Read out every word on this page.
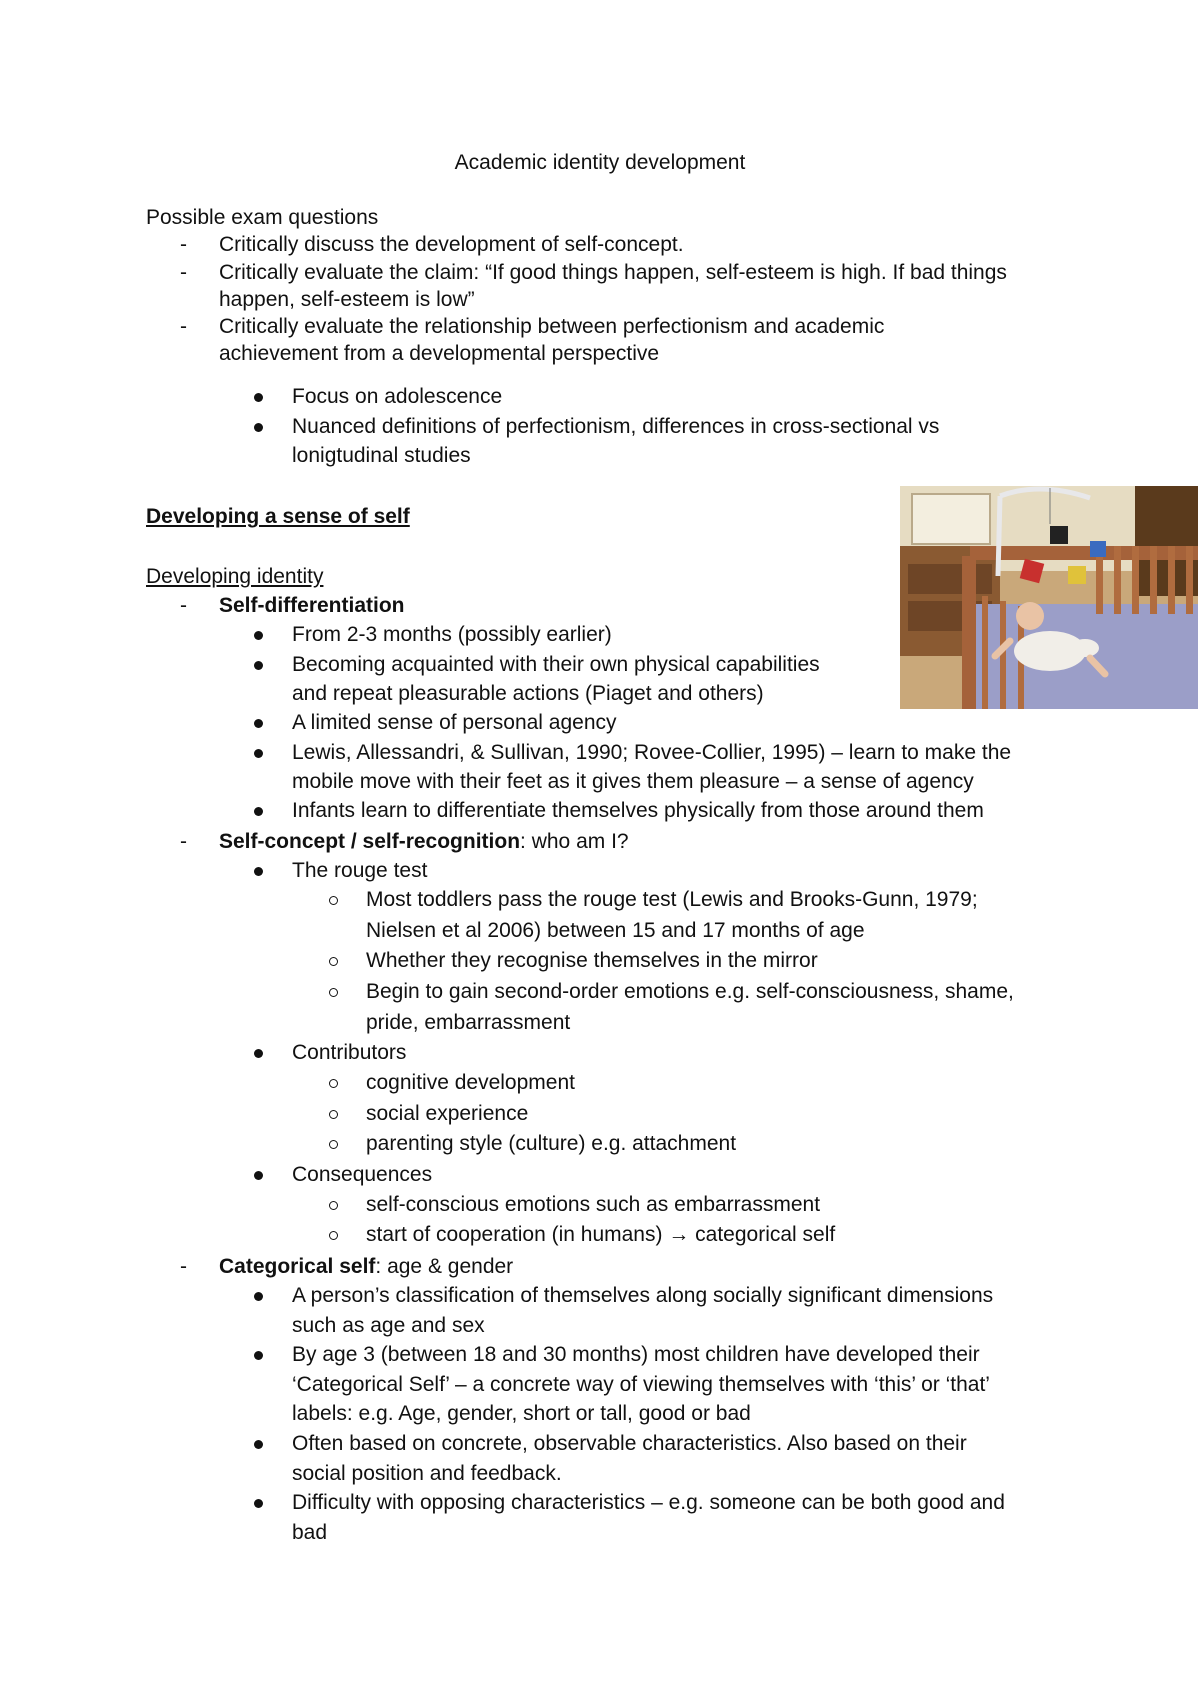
Academic identity development
Possible exam questions
- Critically discuss the development of self-concept.
- Critically evaluate the claim: “If good things happen, self-esteem is high. If bad things
happen, self-esteem is low”
- Critically evaluate the relationship between perfectionism and academic
achievement from a developmental perspective
Focus on adolescence
Nuanced definitions of perfectionism, differences in cross-sectional vs
lonigtudinal studies
Developing a sense of self
Developing identity
- Self-differentiation
From 2-3 months (possibly earlier)
Becoming acquainted with their own physical capabilities
and repeat pleasurable actions (Piaget and others)
A limited sense of personal agency
Lewis, Allessandri, & Sullivan, 1990; Rovee-Collier, 1995) – learn to make the
mobile move with their feet as it gives them pleasure – a sense of agency
Infants learn to differentiate themselves physically from those around them
- Self-concept / self-recognition: who am I?
The rouge test
Most toddlers pass the rouge test (Lewis and Brooks-Gunn, 1979;
Nielsen et al 2006) between 15 and 17 months of age
Whether they recognise themselves in the mirror
Begin to gain second-order emotions e.g. self-consciousness, shame,
pride, embarrassment
Contributors
cognitive development
social experience
parenting style (culture) e.g. attachment
Consequences
self-conscious emotions such as embarrassment
start of cooperation (in humans) → categorical self
- Categorical self: age & gender
A person’s classification of themselves along socially significant dimensions
such as age and sex
By age 3 (between 18 and 30 months) most children have developed their
‘Categorical Self’ – a concrete way of viewing themselves with ‘this’ or ‘that’
labels: e.g. Age, gender, short or tall, good or bad
Often based on concrete, observable characteristics. Also based on their
social position and feedback.
Difficulty with opposing characteristics – e.g. someone can be both good and
bad
